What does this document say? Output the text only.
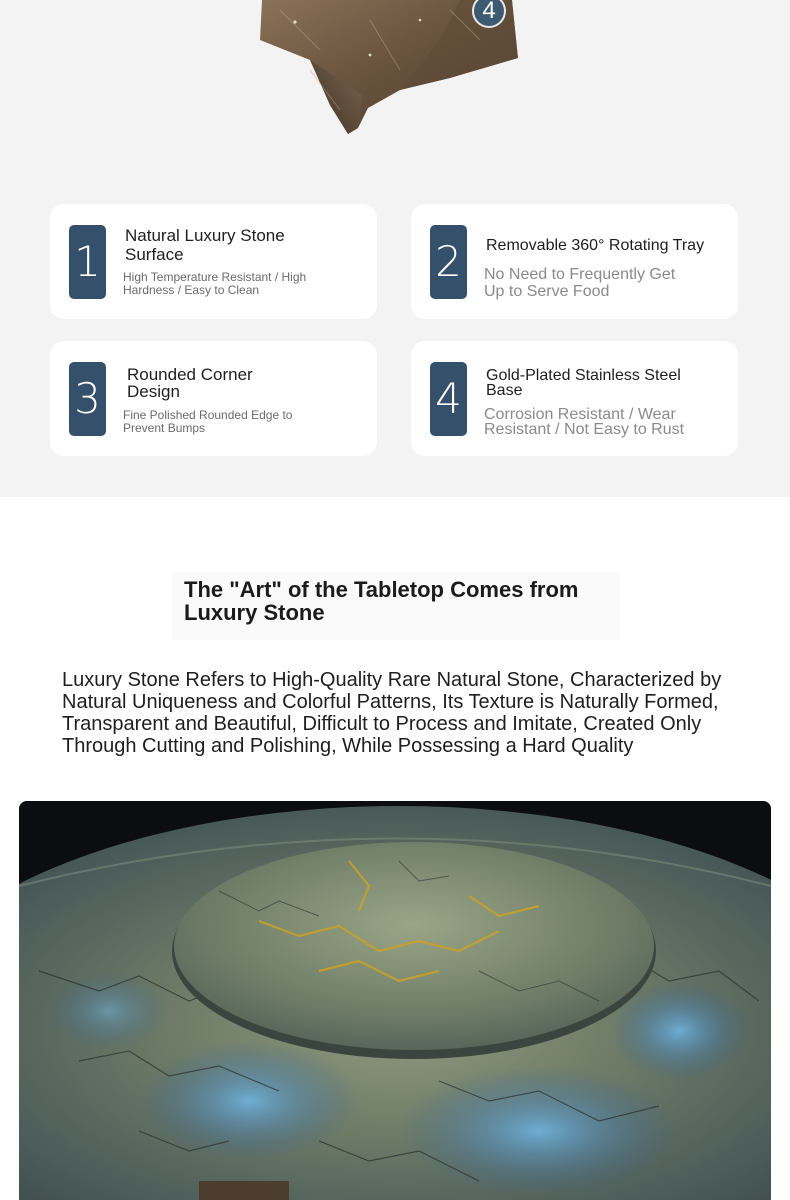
4
1

Natural Luxury Stone Surface

High Temperature Resistant / High Hardness / Easy to Clean

2	Removable 360° Rotating Tray

No Need to Frequently Get Up to Serve Food

3	Rounded Corner Design

Fine Polished Rounded Edge to Prevent Bumps

4	Gold-Plated Stainless Steel Base

Corrosion Resistant / Wear Resistant / Not Easy to Rust

The "Art" of the Tabletop Comes from Luxury Stone

Luxury Stone Refers to High-Quality Rare Natural Stone, Characterized by Natural Uniqueness and Colorful Patterns, Its Texture is Naturally Formed, Transparent and Beautiful, Difficult to Process and Imitate, Created Only Through Cutting and Polishing, While Possessing a Hard Quality
